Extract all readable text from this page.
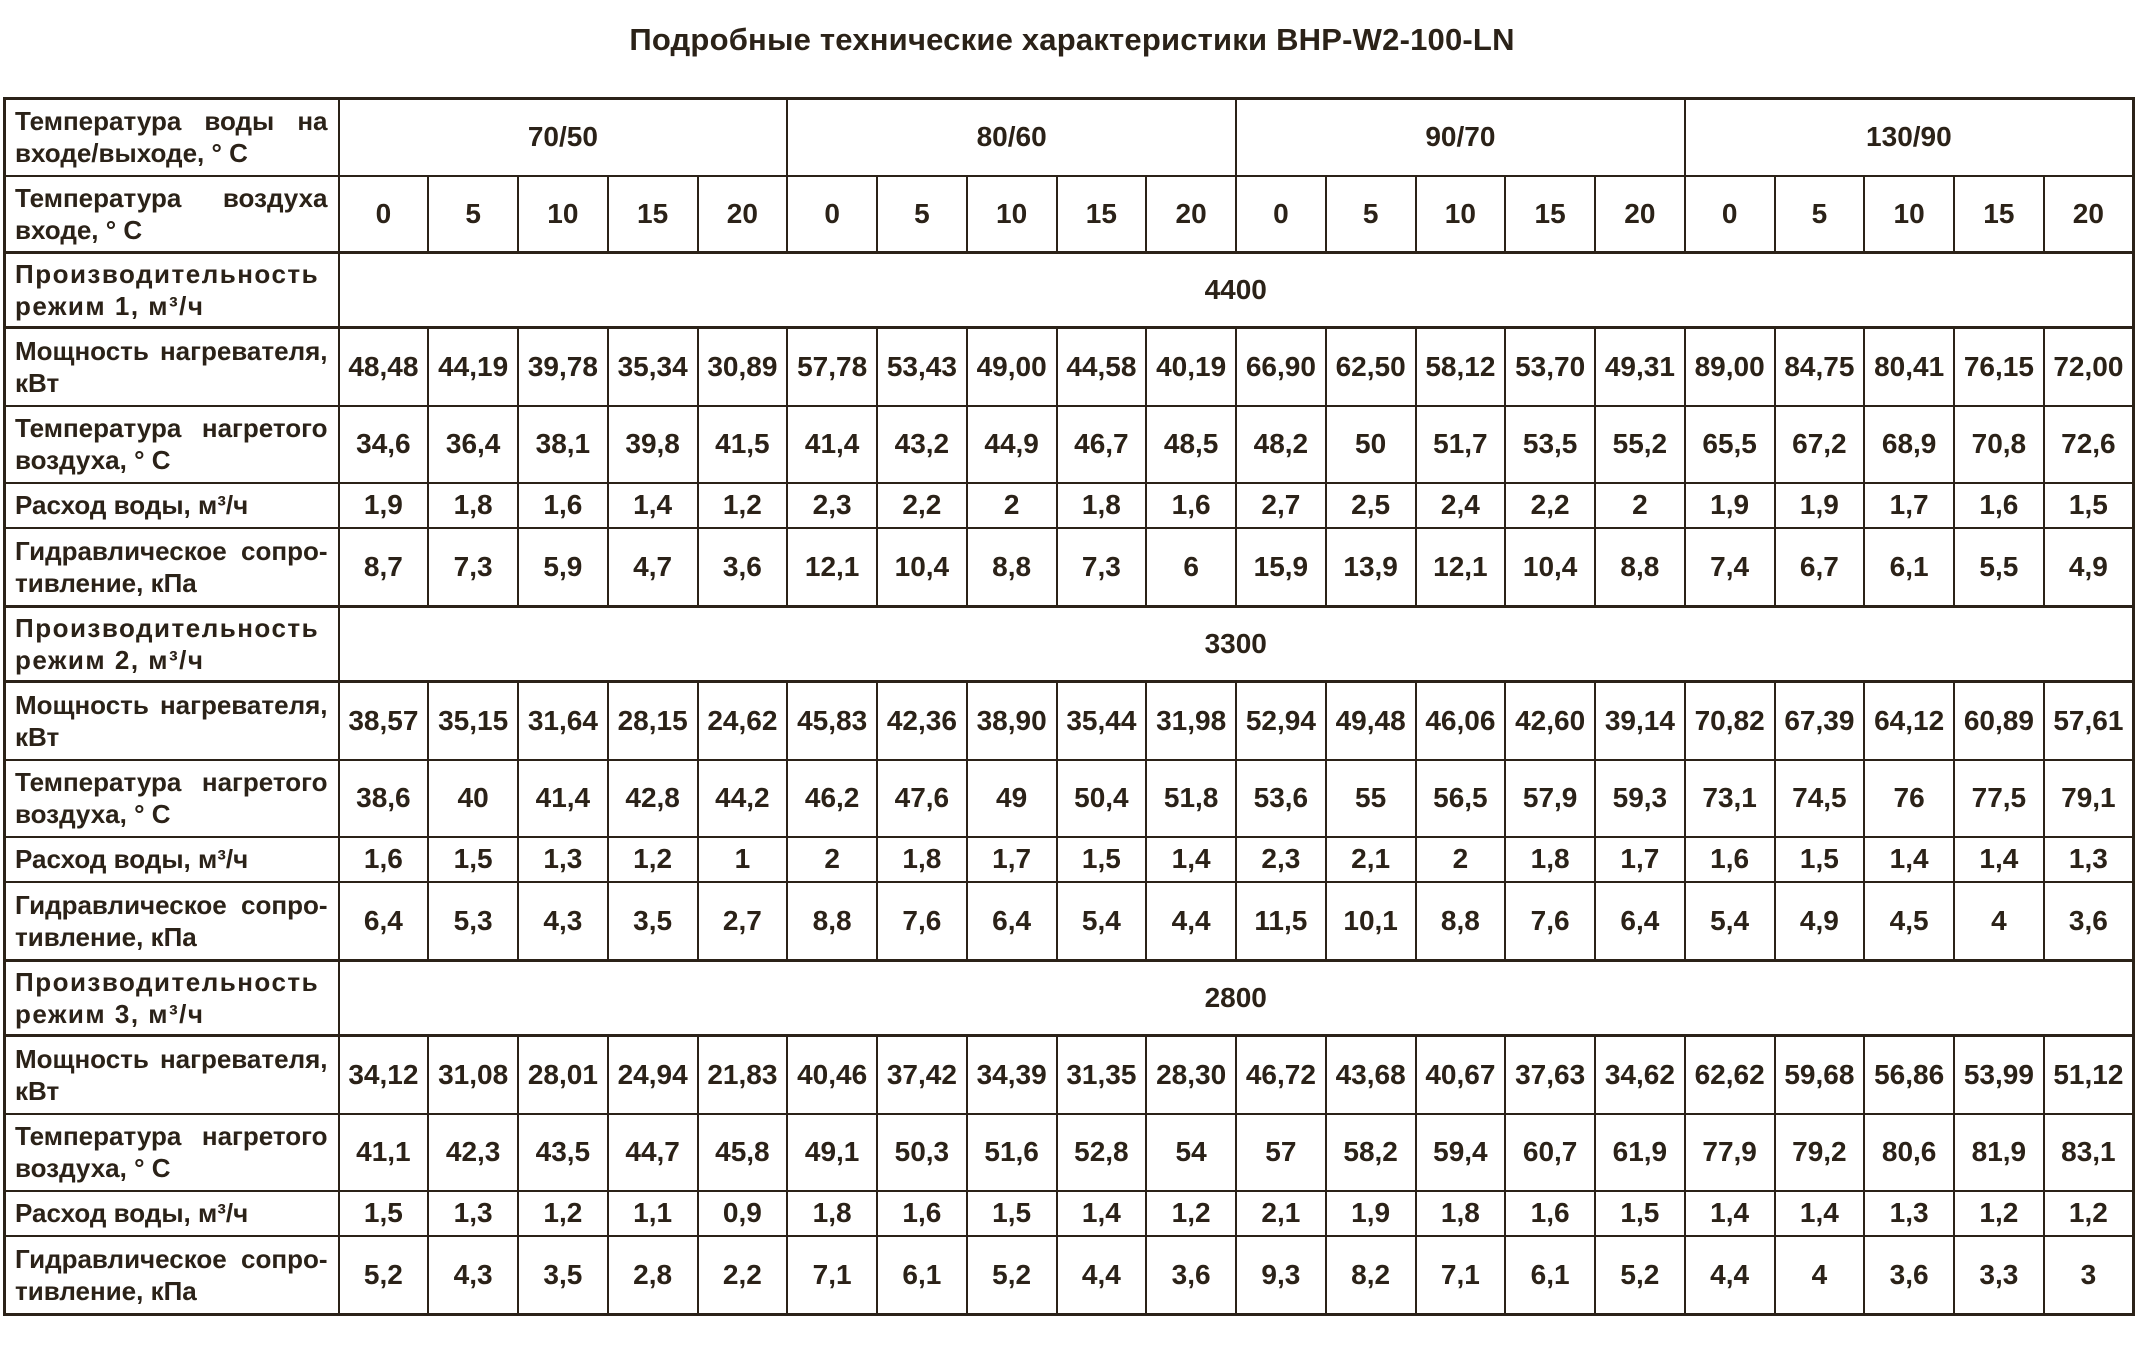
Подробные технические характеристики BHP-W2-100-LN
Температура воды на входе/выходе, ° С	70/50					80/60					90/70					130/90				
Температура воздуха входе, ° С	0	5	10	15	20	0	5	10	15	20	0	5	10	15	20	0	5	10	15	20
Производительность режим 1, м³/ч	4400																			
Мощность нагревателя, кВт	48,48	44,19	39,78	35,34	30,89	57,78	53,43	49,00	44,58	40,19	66,90	62,50	58,12	53,70	49,31	89,00	84,75	80,41	76,15	72,00
Температура нагретого воздуха, ° С	34,6	36,4	38,1	39,8	41,5	41,4	43,2	44,9	46,7	48,5	48,2	50	51,7	53,5	55,2	65,5	67,2	68,9	70,8	72,6
Расход воды, м³/ч	1,9	1,8	1,6	1,4	1,2	2,3	2,2	2	1,8	1,6	2,7	2,5	2,4	2,2	2	1,9	1,9	1,7	1,6	1,5
Гидравлическое сопро-тивление, кПа	8,7	7,3	5,9	4,7	3,6	12,1	10,4	8,8	7,3	6	15,9	13,9	12,1	10,4	8,8	7,4	6,7	6,1	5,5	4,9
Производительность режим 2, м³/ч	3300																			
Мощность нагревателя, кВт	38,57	35,15	31,64	28,15	24,62	45,83	42,36	38,90	35,44	31,98	52,94	49,48	46,06	42,60	39,14	70,82	67,39	64,12	60,89	57,61
Температура нагретого воздуха, ° С	38,6	40	41,4	42,8	44,2	46,2	47,6	49	50,4	51,8	53,6	55	56,5	57,9	59,3	73,1	74,5	76	77,5	79,1
Расход воды, м³/ч	1,6	1,5	1,3	1,2	1	2	1,8	1,7	1,5	1,4	2,3	2,1	2	1,8	1,7	1,6	1,5	1,4	1,4	1,3
Гидравлическое сопро-тивление, кПа	6,4	5,3	4,3	3,5	2,7	8,8	7,6	6,4	5,4	4,4	11,5	10,1	8,8	7,6	6,4	5,4	4,9	4,5	4	3,6
Производительность режим 3, м³/ч	2800																			
Мощность нагревателя, кВт	34,12	31,08	28,01	24,94	21,83	40,46	37,42	34,39	31,35	28,30	46,72	43,68	40,67	37,63	34,62	62,62	59,68	56,86	53,99	51,12
Температура нагретого воздуха, ° С	41,1	42,3	43,5	44,7	45,8	49,1	50,3	51,6	52,8	54	57	58,2	59,4	60,7	61,9	77,9	79,2	80,6	81,9	83,1
Расход воды, м³/ч	1,5	1,3	1,2	1,1	0,9	1,8	1,6	1,5	1,4	1,2	2,1	1,9	1,8	1,6	1,5	1,4	1,4	1,3	1,2	1,2
Гидравлическое сопро-тивление, кПа	5,2	4,3	3,5	2,8	2,2	7,1	6,1	5,2	4,4	3,6	9,3	8,2	7,1	6,1	5,2	4,4	4	3,6	3,3	3
